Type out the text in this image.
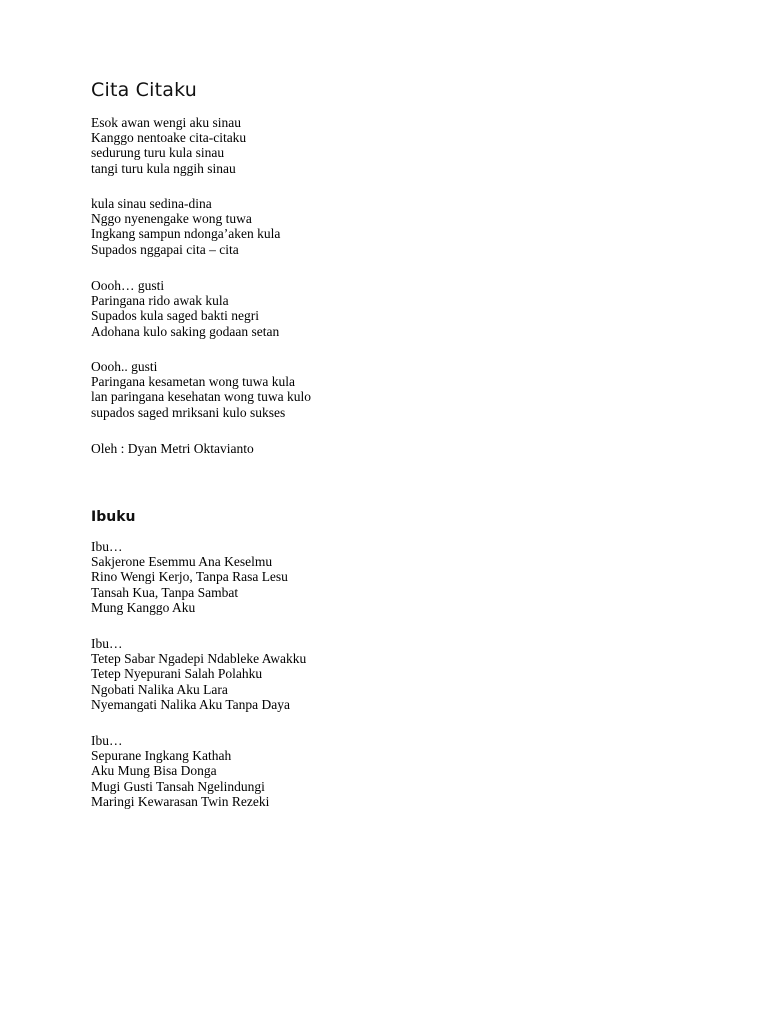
Cita Citaku
Esok awan wengi aku sinau
Kanggo nentoake cita-citaku
sedurung turu kula sinau
tangi turu kula nggih sinau
kula sinau sedina-dina
Nggo nyenengake wong tuwa
Ingkang sampun ndonga’aken kula
Supados nggapai cita – cita
Oooh… gusti
Paringana rido awak kula
Supados kula saged bakti negri
Adohana kulo saking godaan setan
Oooh.. gusti
Paringana kesametan wong tuwa kula
lan paringana kesehatan wong tuwa kulo
supados saged mriksani kulo sukses
Oleh : Dyan Metri Oktavianto
Ibuku
Ibu…
Sakjerone Esemmu Ana Keselmu
Rino Wengi Kerjo, Tanpa Rasa Lesu
Tansah Kua, Tanpa Sambat
Mung Kanggo Aku
Ibu…
Tetep Sabar Ngadepi Ndableke Awakku
Tetep Nyepurani Salah Polahku
Ngobati Nalika Aku Lara
Nyemangati Nalika Aku Tanpa Daya
Ibu…
Sepurane Ingkang Kathah
Aku Mung Bisa Donga
Mugi Gusti Tansah Ngelindungi
Maringi Kewarasan Twin Rezeki
